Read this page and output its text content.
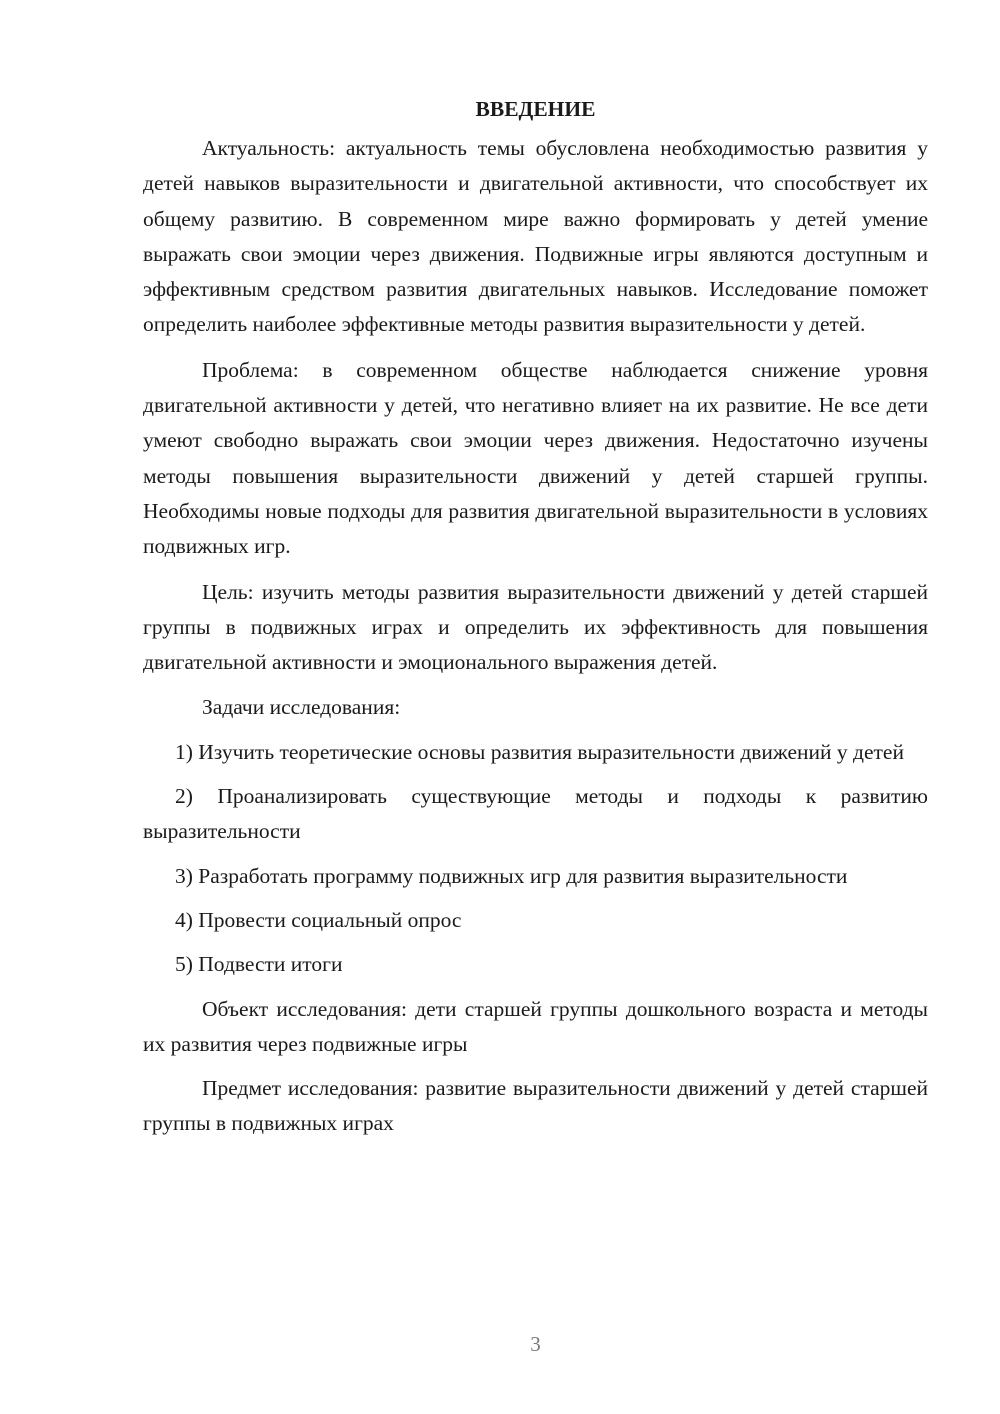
ВВЕДЕНИЕ

Актуальность: актуальность темы обусловлена необходимостью развития у детей навыков выразительности и двигательной активности, что способствует их общему развитию. В современном мире важно формировать у детей умение выражать свои эмоции через движения. Подвижные игры являются доступным и эффективным средством развития двигательных навыков. Исследование поможет определить наиболее эффективные методы развития выразительности у детей.

Проблема: в современном обществе наблюдается снижение уровня двигательной активности у детей, что негативно влияет на их развитие. Не все дети умеют свободно выражать свои эмоции через движения. Недостаточно изучены методы повышения выразительности движений у детей старшей группы. Необходимы новые подходы для развития двигательной выразительности в условиях подвижных игр.

Цель: изучить методы развития выразительности движений у детей старшей группы в подвижных играх и определить их эффективность для повышения двигательной активности и эмоционального выражения детей.

Задачи исследования:

1) Изучить теоретические основы развития выразительности движений у детей

2) Проанализировать существующие методы и подходы к развитию выразительности

3) Разработать программу подвижных игр для развития выразительности

4) Провести социальный опрос

5) Подвести итоги

Объект исследования: дети старшей группы дошкольного возраста и методы их развития через подвижные игры

Предмет исследования: развитие выразительности движений у детей старшей группы в подвижных играх

3
